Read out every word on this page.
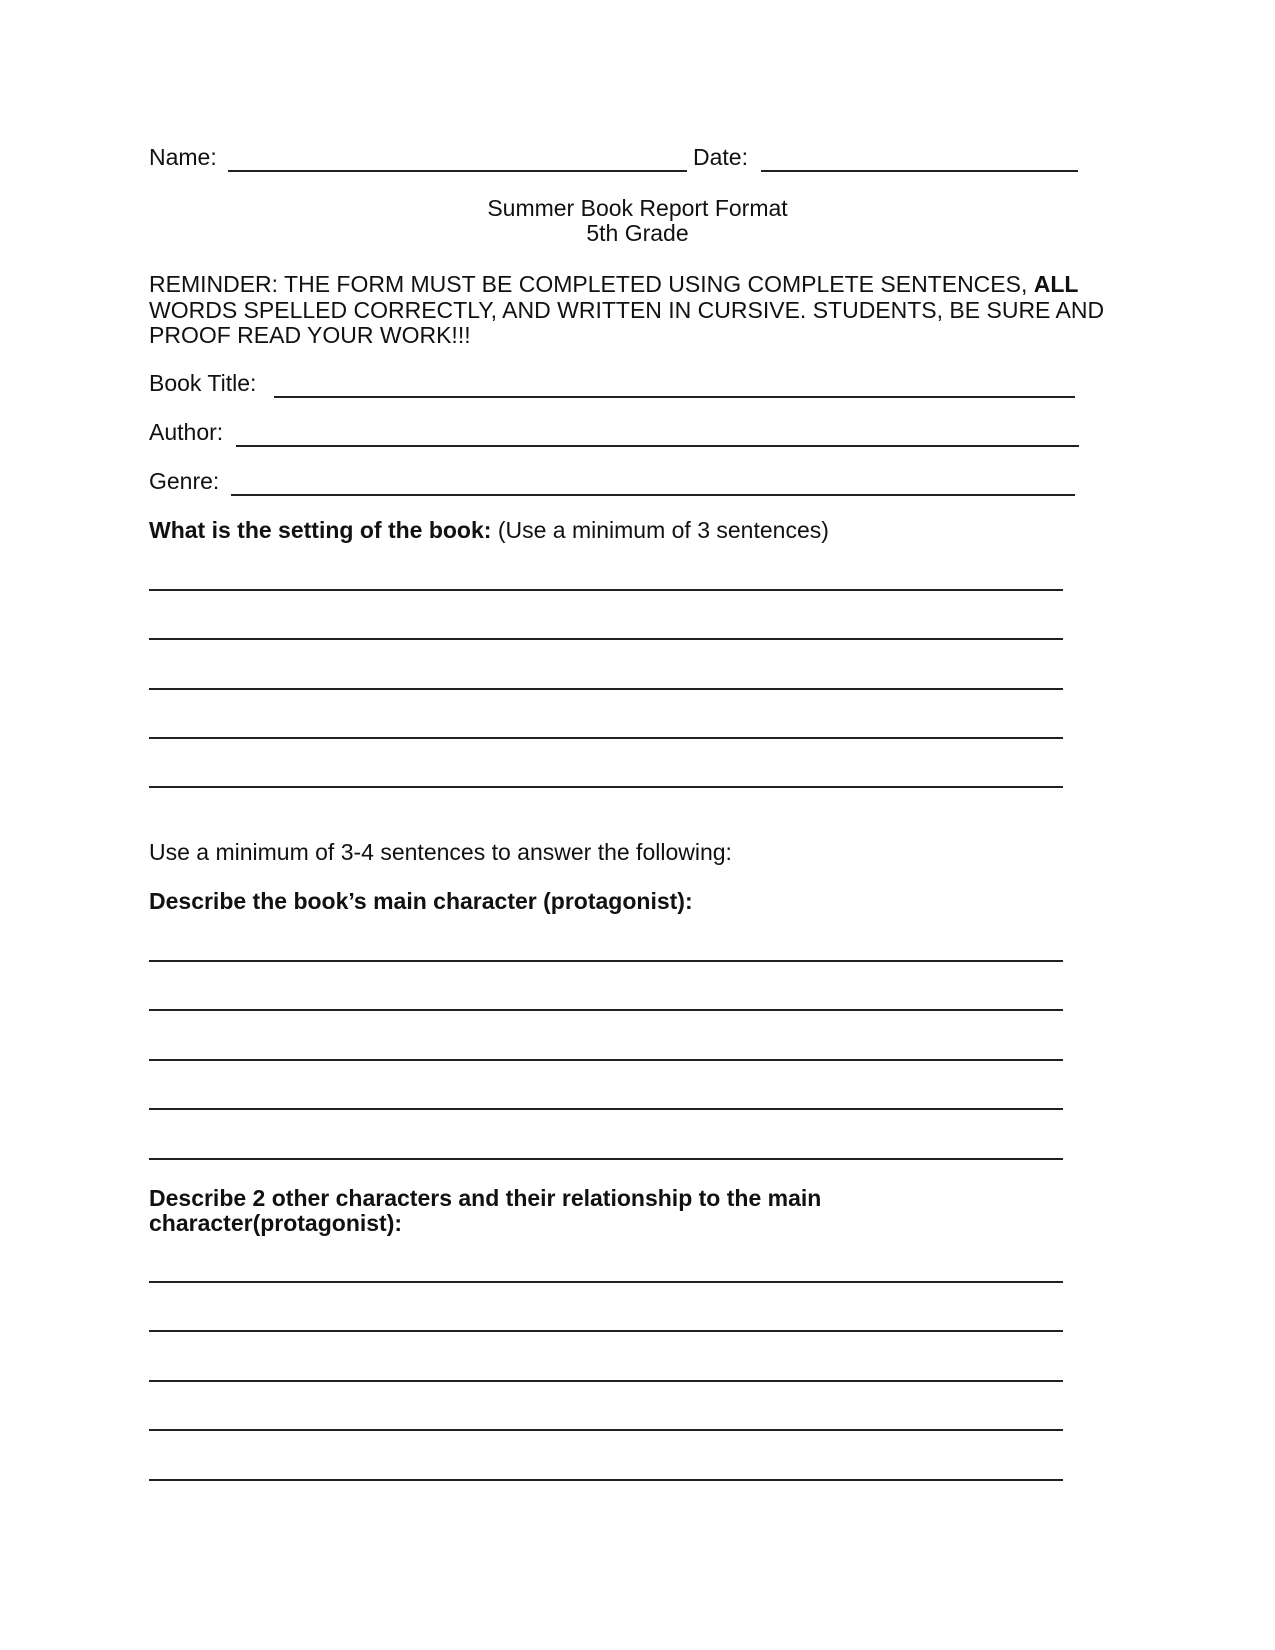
Name:	Date:
Summer Book Report Format
5th Grade
REMINDER: THE FORM MUST BE COMPLETED USING COMPLETE SENTENCES, ALL WORDS SPELLED CORRECTLY, AND WRITTEN IN CURSIVE. STUDENTS, BE SURE AND PROOF READ YOUR WORK!!!
Book Title:
Author:
Genre:
What is the setting of the book: (Use a minimum of 3 sentences)
Use a minimum of 3-4 sentences to answer the following:
Describe the book’s main character (protagonist):
Describe 2 other characters and their relationship to the main
character(protagonist):
